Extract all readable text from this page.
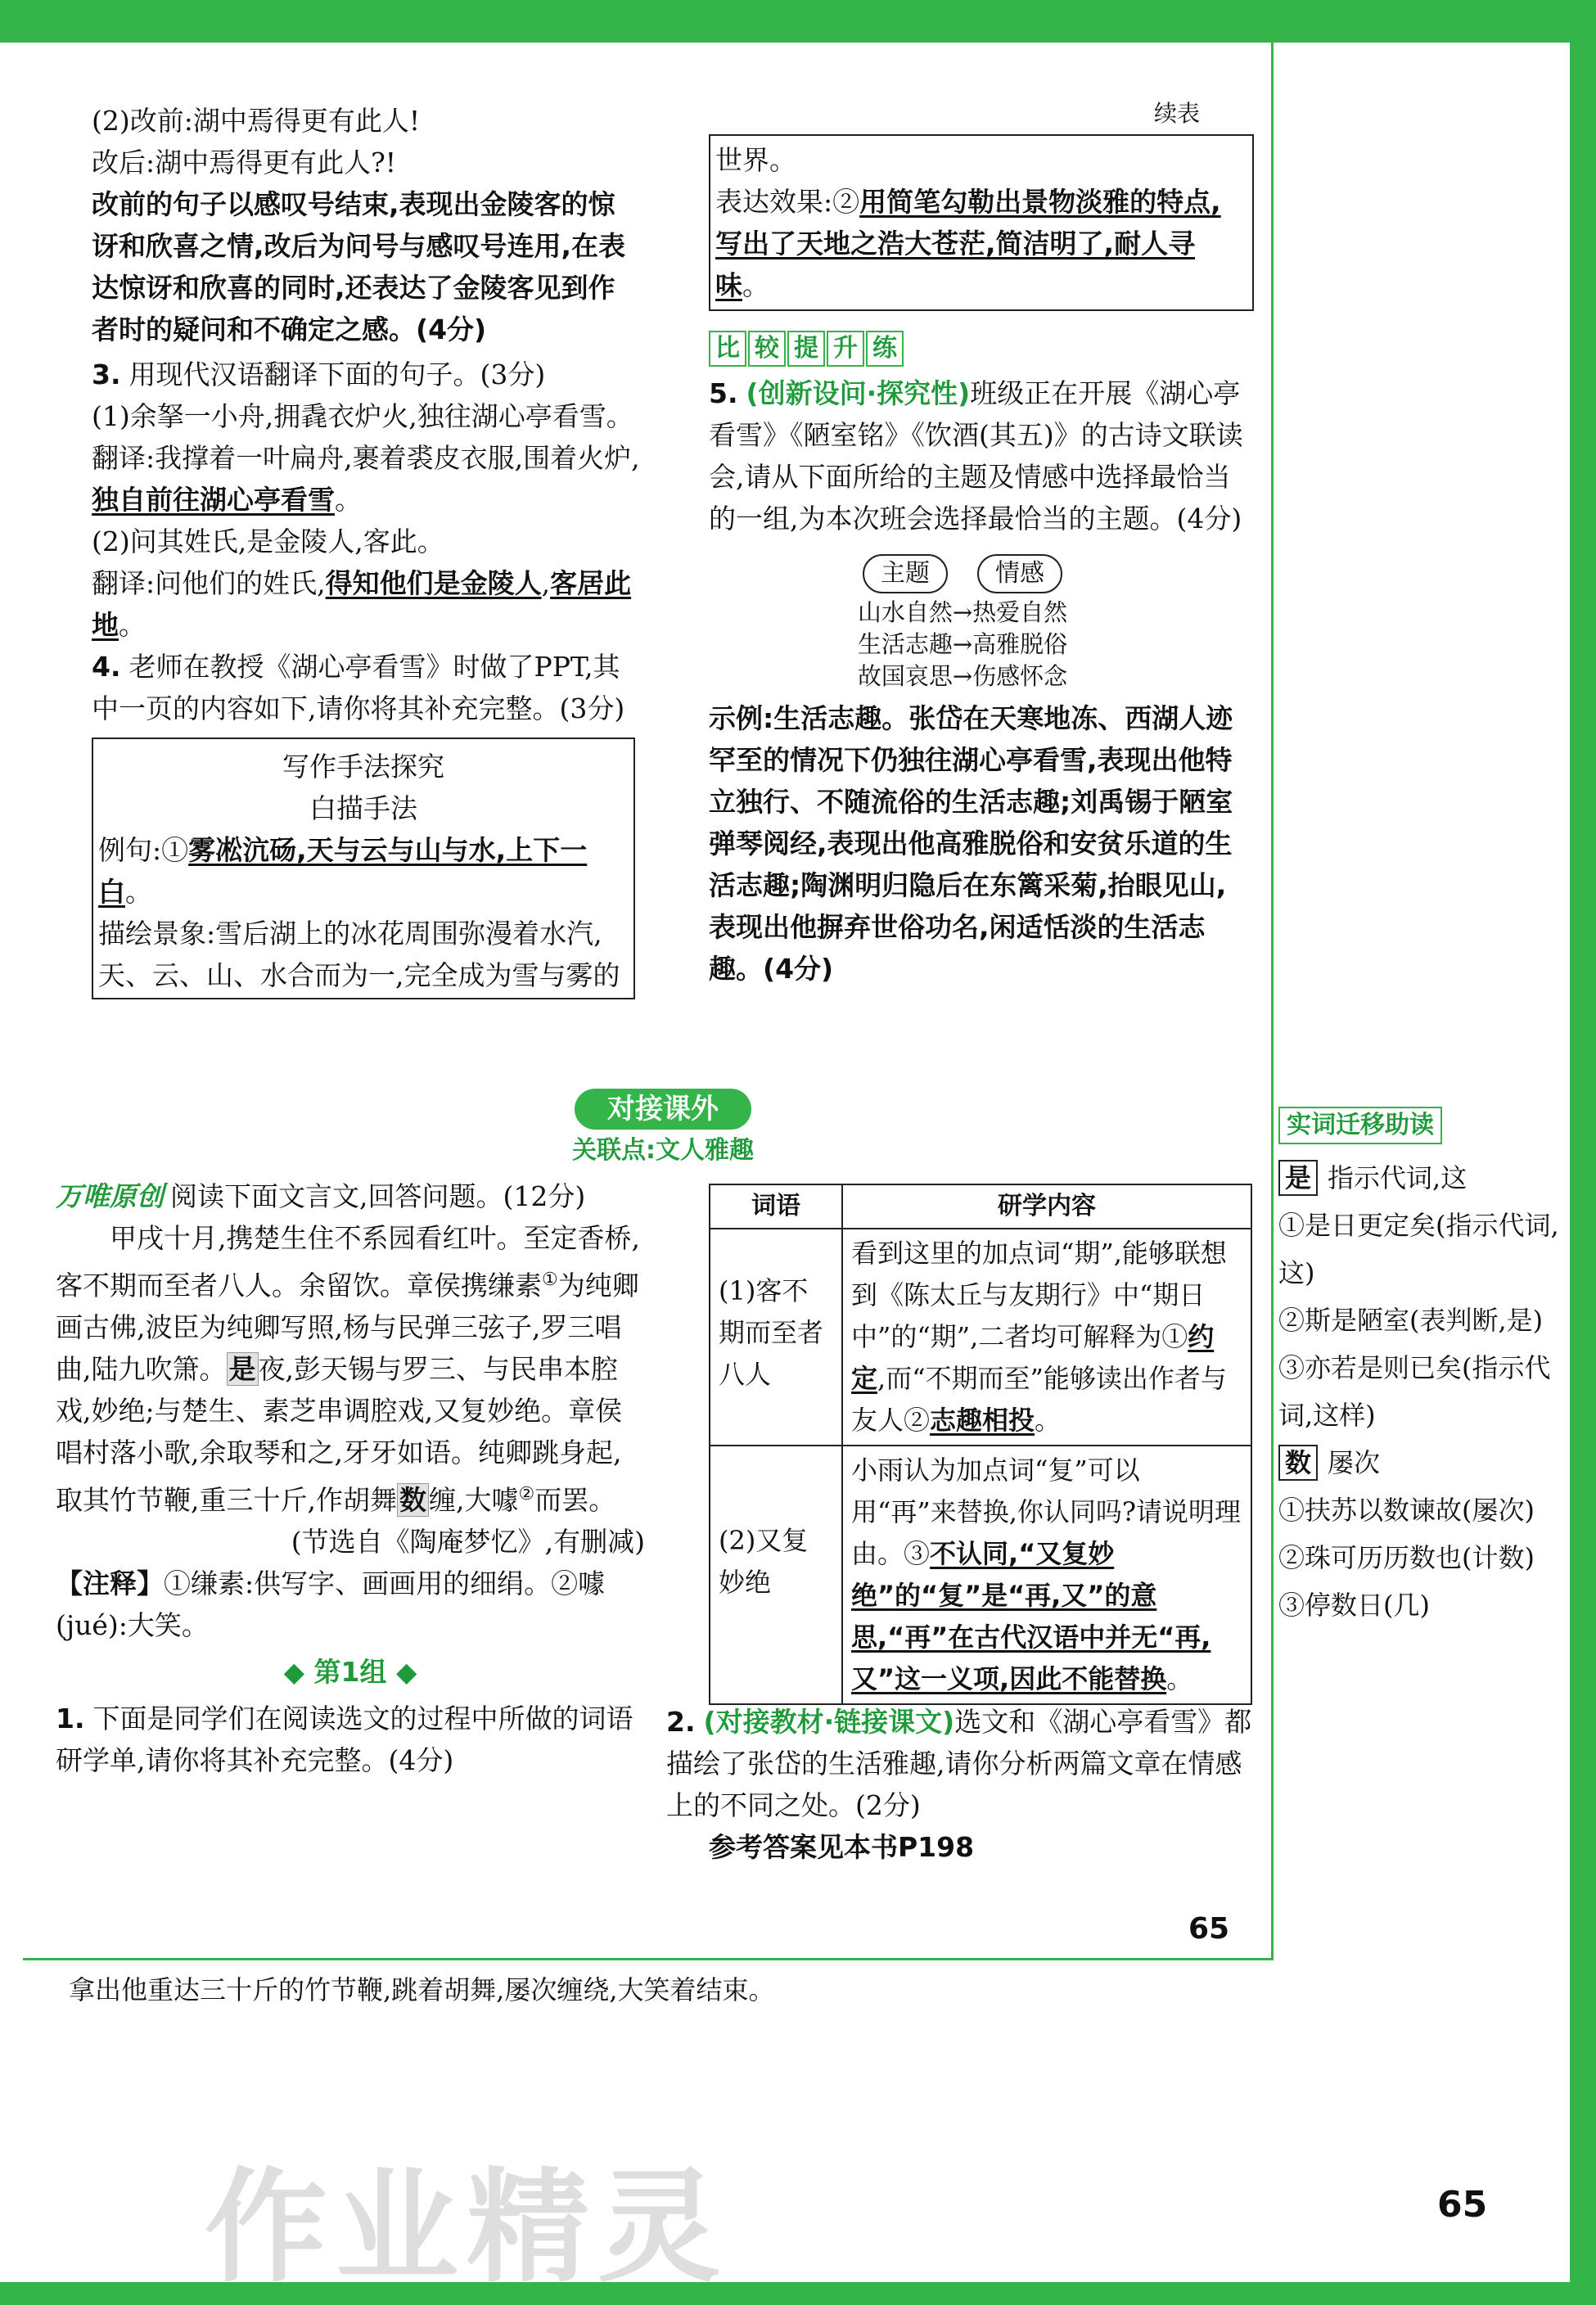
(2)改前:湖中焉得更有此人!

改后:湖中焉得更有此人?!

改前的句子以感叹号结束,表现出金陵客的惊讶和欣喜之情,改后为问号与感叹号连用,在表达惊讶和欣喜的同时,还表达了金陵客见到作者时的疑问和不确定之感。(4分)

3. 用现代汉语翻译下面的句子。(3分)

(1)余拏一小舟,拥毳衣炉火,独往湖心亭看雪。

翻译:我撑着一叶扁舟,裹着裘皮衣服,围着火炉,独自前往湖心亭看雪。

(2)问其姓氏,是金陵人,客此。

翻译:问他们的姓氏,得知他们是金陵人,客居此地。

4. 老师在教授《湖心亭看雪》时做了PPT,其中一页的内容如下,请你将其补充完整。(3分)

写作手法探究

白描手法

例句:①雾凇沆砀,天与云与山与水,上下一白。

描绘景象:雪后湖上的冰花周围弥漫着水汽,天、云、山、水合而为一,完全成为雪与雾的

续表

世界。

表达效果:②用简笔勾勒出景物淡雅的特点,写出了天地之浩大苍茫,简洁明了,耐人寻味。

比 较 提 升 练

5. (创新设问·探究性)班级正在开展《湖心亭看雪》《陋室铭》《饮酒(其五)》的古诗文联读会,请从下面所给的主题及情感中选择最恰当的一组,为本次班会选择最恰当的主题。(4分)

主题	情感

山水自然→热爱自然

生活志趣→高雅脱俗

故国哀思→伤感怀念

示例:生活志趣。张岱在天寒地冻、西湖人迹罕至的情况下仍独往湖心亭看雪,表现出他特立独行、不随流俗的生活志趣;刘禹锡于陋室弹琴阅经,表现出他高雅脱俗和安贫乐道的生活志趣;陶渊明归隐后在东篱采菊,抬眼见山,表现出他摒弃世俗功名,闲适恬淡的生活志趣。(4分)

对接课外
关联点:文人雅趣

万唯原创 阅读下面文言文,回答问题。(12分)

甲戌十月,携楚生住不系园看红叶。至定香桥,客不期而至者八人。余留饮。章侯携缣素①为纯卿画古佛,波臣为纯卿写照,杨与民弹三弦子,罗三唱曲,陆九吹箫。是夜,彭天锡与罗三、与民串本腔戏,妙绝;与楚生、素芝串调腔戏,又复妙绝。章侯唱村落小歌,余取琴和之,牙牙如语。纯卿跳身起,取其竹节鞭,重三十斤,作胡舞数缠,大噱②而罢。

(节选自《陶庵梦忆》,有删减)

【注释】①缣素:供写字、画画用的细绢。②噱(jué):大笑。

◆ 第1组 ◆

1. 下面是同学们在阅读选文的过程中所做的词语研学单,请你将其补充完整。(4分)

词语	研学内容
(1)客不期而至者八人	看到这里的加点词“期”,能够联想到《陈太丘与友期行》中“期日中”的“期”,二者均可解释为①约定,而“不期而至”能够读出作者与友人②志趣相投。
(2)又复妙绝	小雨认为加点词“复”可以用“再”来替换,你认同吗?请说明理由。③不认同,“又复妙绝”的“复”是“再,又”的意思,“再”在古代汉语中并无“再,又”这一义项,因此不能替换。

2. (对接教材·链接课文)选文和《湖心亭看雪》都描绘了张岱的生活雅趣,请你分析两篇文章在情感上的不同之处。(2分)

参考答案见本书P198

65
实词迁移助读

是 指示代词,这

①是日更定矣(指示代词,这)

②斯是陋室(表判断,是)

③亦若是则已矣(指示代词,这样)

数 屡次

①扶苏以数谏故(屡次)

②珠可历历数也(计数)

③停数日(几)

拿出他重达三十斤的竹节鞭,跳着胡舞,屡次缠绕,大笑着结束。
作业精灵	65
